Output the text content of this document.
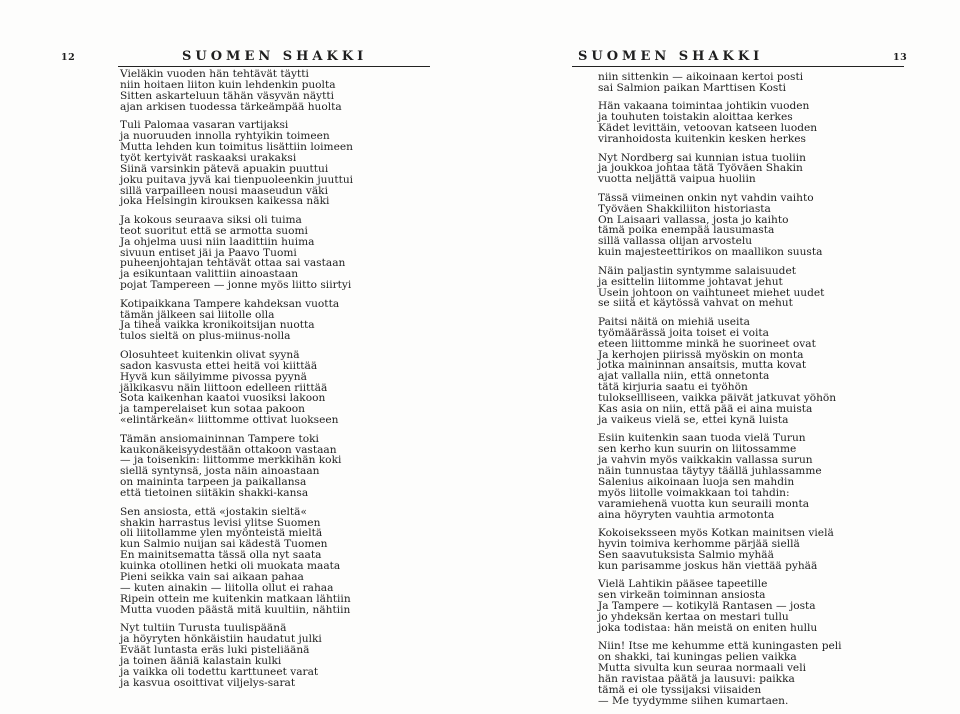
12	SUOMEN SHAKKI
Vieläkin vuoden hän tehtävät täytti
niin hoitaen liiton kuin lehdenkin puolta
Sitten askarteluun tähän väsyvän näytti
ajan arkisen tuodessa tärkeämpää huolta
Tuli Palomaa vasaran vartijaksi
ja nuoruuden innolla ryhtyikin toimeen
Mutta lehden kun toimitus lisättiin loimeen
työt kertyivät raskaaksi urakaksi
Siinä varsinkin pätevä apuakin puuttui
joku puitava jyvä kai tienpuoleenkin juuttui
sillä varpailleen nousi maaseudun väki
joka Helsingin kirouksen kaikessa näki
Ja kokous seuraava siksi oli tuima
teot suoritut että se armotta suomi
Ja ohjelma uusi niin laadittiin huima
sivuun entiset jäi ja Paavo Tuomi
puheenjohtajan tehtävät ottaa sai vastaan
ja esikuntaan valittiin ainoastaan
pojat Tampereen — jonne myös liitto siirtyi
Kotipaikkana Tampere kahdeksan vuotta
tämän jälkeen sai liitolle olla
Ja tiheä vaikka kronikoitsijan nuotta
tulos sieltä on plus-miinus-nolla
Olosuhteet kuitenkin olivat syynä
sadon kasvusta ettei heitä voi kiittää
Hyvä kun säilyimme pivossa pyynä
jälkikasvu näin liittoon edelleen riittää
Sota kaikenhan kaatoi vuosiksi lakoon
ja tamperelaiset kun sotaa pakoon
«elintärkeän« liittomme ottivat luokseen
Tämän ansiomaininnan Tampere toki
kaukonäkeisyydestään ottakoon vastaan
— ja toisenkin: liittomme merkkihän koki
siellä syntynsä, josta näin ainoastaan
on maininta tarpeen ja paikallansa
että tietoinen siitäkin shakki-kansa
Sen ansiosta, että «jostakin sieltä«
shakin harrastus levisi ylitse Suomen
oli liitollamme ylen myönteistä mieltä
kun Salmio nuijan sai kädestä Tuomen
En mainitsematta tässä olla nyt saata
kuinka otollinen hetki oli muokata maata
Pieni seikka vain sai aikaan pahaa
— kuten ainakin — liitolla ollut ei rahaa
Ripein ottein me kuitenkin matkaan lähtiin
Mutta vuoden päästä mitä kuultiin, nähtiin
Nyt tultiin Turusta tuulispäänä
ja höyryten hönkäistiin haudatut julki
Eväät luntasta eräs luki pisteliäänä
ja toinen ääniä kalastain kulki
ja vaikka oli todettu karttuneet varat
ja kasvua osoittivat viljelys-sarat
SUOMEN SHAKKI	13
niin sittenkin — aikoinaan kertoi posti
sai Salmion paikan Marttisen Kosti
Hän vakaana toimintaa johtikin vuoden
ja touhuten toistakin aloittaa kerkes
Kädet levittäin, vetoovan katseen luoden
viranhoidosta kuitenkin kesken herkes
Nyt Nordberg sai kunnian istua tuoliin
ja joukkoa johtaa tätä Työväen Shakin
vuotta neljättä vaipua huoliin
Tässä viimeinen onkin nyt vahdin vaihto
Työväen Shakkiliiton historiasta
On Laisaari vallassa, josta jo kaihto
tämä poika enempää lausumasta
sillä vallassa olijan arvostelu
kuin majesteettirikos on maallikon suusta
Näin paljastin syntymme salaisuudet
ja esittelin liitomme johtavat jehut
Usein johtoon on vaihtuneet miehet uudet
se siitä et käytössä vahvat on mehut
Paitsi näitä on miehiä useita
työmäärässä joita toiset ei voita
eteen liittomme minkä he suorineet ovat
Ja kerhojen piirissä myöskin on monta
jotka maininnan ansaitsis, mutta kovat
ajat vallalla niin, että onnetonta
tätä kirjuria saatu ei työhön
tuloksellliseen, vaikka päivät jatkuvat yöhön
Kas asia on niin, että pää ei aina muista
ja vaikeus vielä se, ettei kynä luista
Esiin kuitenkin saan tuoda vielä Turun
sen kerho kun suurin on liitossamme
ja vahvin myös vaikkakin vallassa surun
näin tunnustaa täytyy täällä juhlassamme
Salenius aikoinaan luoja sen mahdin
myös liitolle voimakkaan toi tahdin:
varamiehenä vuotta kun seuraili monta
aina höyryten vauhtia armotonta
Kokoiseksseen myös Kotkan mainitsen vielä
hyvin toimiva kerhomme pärjää siellä
Sen saavutuksista Salmio myhää
kun parisamme joskus hän viettää pyhää
Vielä Lahtikin pääsee tapeetille
sen virkeän toiminnan ansiosta
Ja Tampere — kotikylä Rantasen — josta
jo yhdeksän kertaa on mestari tullu
joka todistaa: hän meistä on eniten hullu
Niin! Itse me kehumme että kuningasten peli
on shakki, tai kuningas pelien vaikka
Mutta sivulta kun seuraa normaali veli
hän ravistaa päätä ja lausuvi: paikka
tämä ei ole tyssijaksi viisaiden
— Me tyydymme siihen kumartaen.
